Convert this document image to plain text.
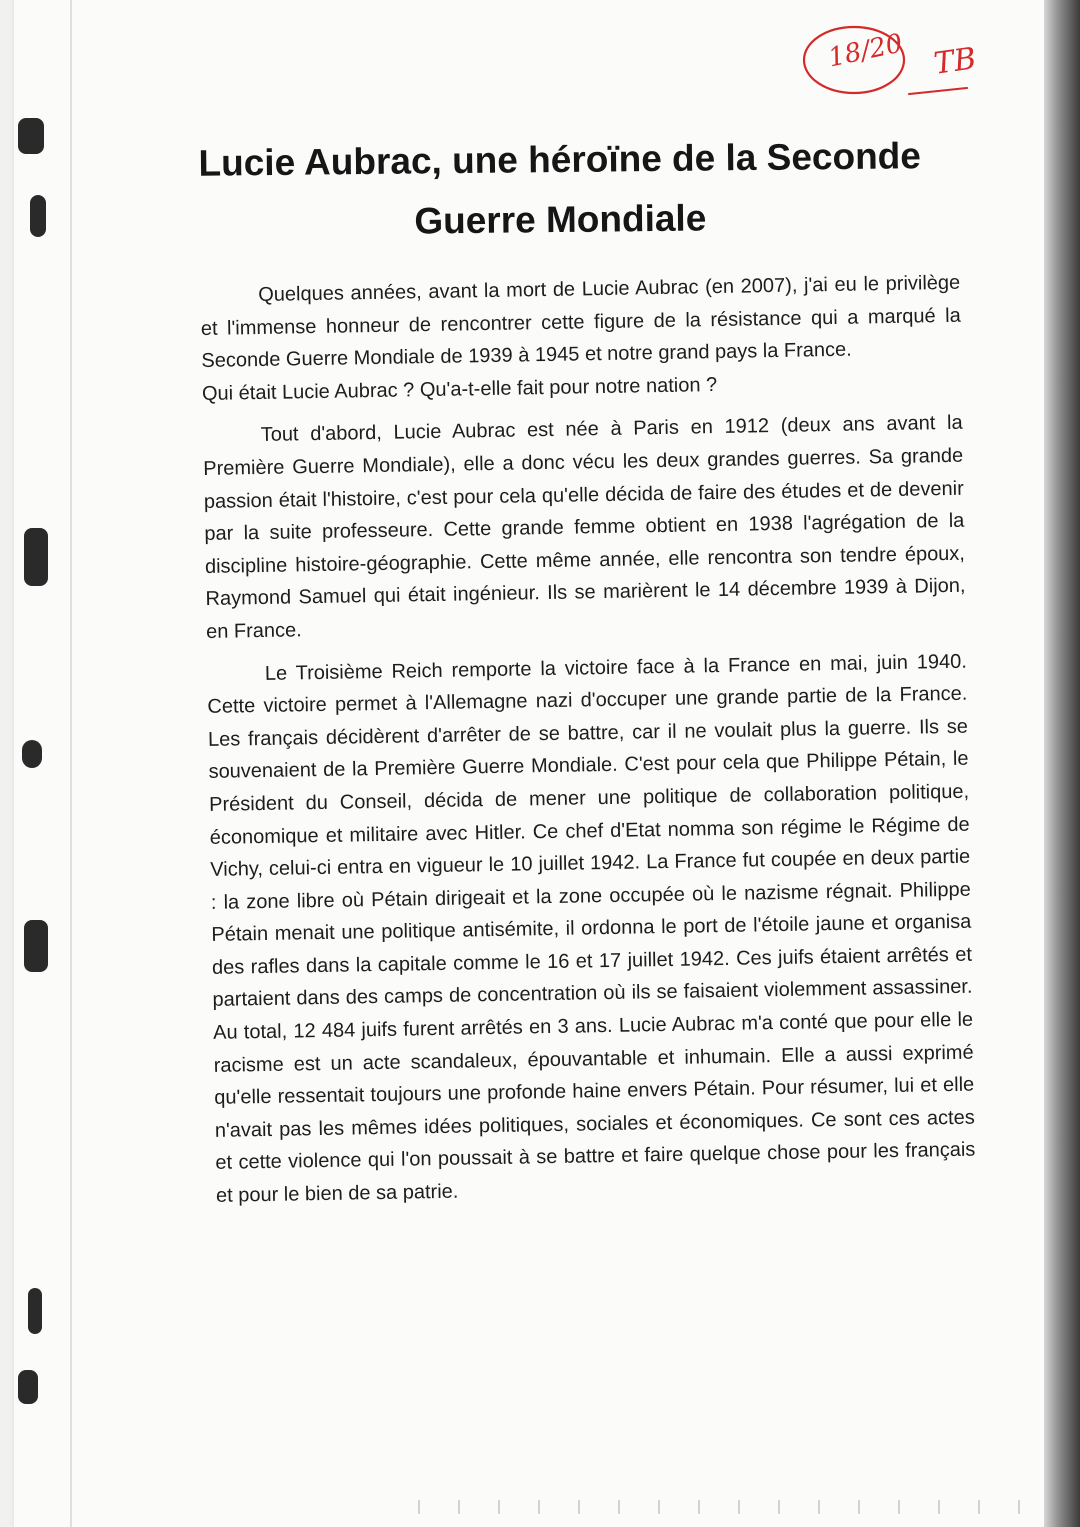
18/20 TB
Lucie Aubrac, une héroïne de la Seconde Guerre Mondiale

Quelques années, avant la mort de Lucie Aubrac (en 2007), j'ai eu le privilège et l'immense honneur de rencontrer cette figure de la résistance qui a marqué la Seconde Guerre Mondiale de 1939 à 1945 et notre grand pays la France.

Qui était Lucie Aubrac ? Qu'a-t-elle fait pour notre nation ?

Tout d'abord, Lucie Aubrac est née à Paris en 1912 (deux ans avant la Première Guerre Mondiale), elle a donc vécu les deux grandes guerres. Sa grande passion était l'histoire, c'est pour cela qu'elle décida de faire des études et de devenir par la suite professeure. Cette grande femme obtient en 1938 l'agrégation de la discipline histoire-géographie. Cette même année, elle rencontra son tendre époux, Raymond Samuel qui était ingénieur. Ils se marièrent le 14 décembre 1939 à Dijon, en France.

Le Troisième Reich remporte la victoire face à la France en mai, juin 1940. Cette victoire permet à l'Allemagne nazi d'occuper une grande partie de la France. Les français décidèrent d'arrêter de se battre, car il ne voulait plus la guerre. Ils se souvenaient de la Première Guerre Mondiale. C'est pour cela que Philippe Pétain, le Président du Conseil, décida de mener une politique de collaboration politique, économique et militaire avec Hitler. Ce chef d'Etat nomma son régime le Régime de Vichy, celui-ci entra en vigueur le 10 juillet 1942. La France fut coupée en deux partie : la zone libre où Pétain dirigeait et la zone occupée où le nazisme régnait. Philippe Pétain menait une politique antisémite, il ordonna le port de l'étoile jaune et organisa des rafles dans la capitale comme le 16 et 17 juillet 1942. Ces juifs étaient arrêtés et partaient dans des camps de concentration où ils se faisaient violemment assassiner. Au total, 12 484 juifs furent arrêtés en 3 ans. Lucie Aubrac m'a conté que pour elle le racisme est un acte scandaleux, épouvantable et inhumain. Elle a aussi exprimé qu'elle ressentait toujours une profonde haine envers Pétain. Pour résumer, lui et elle n'avait pas les mêmes idées politiques, sociales et économiques. Ce sont ces actes et cette violence qui l'on poussait à se battre et faire quelque chose pour les français et pour le bien de sa patrie.
